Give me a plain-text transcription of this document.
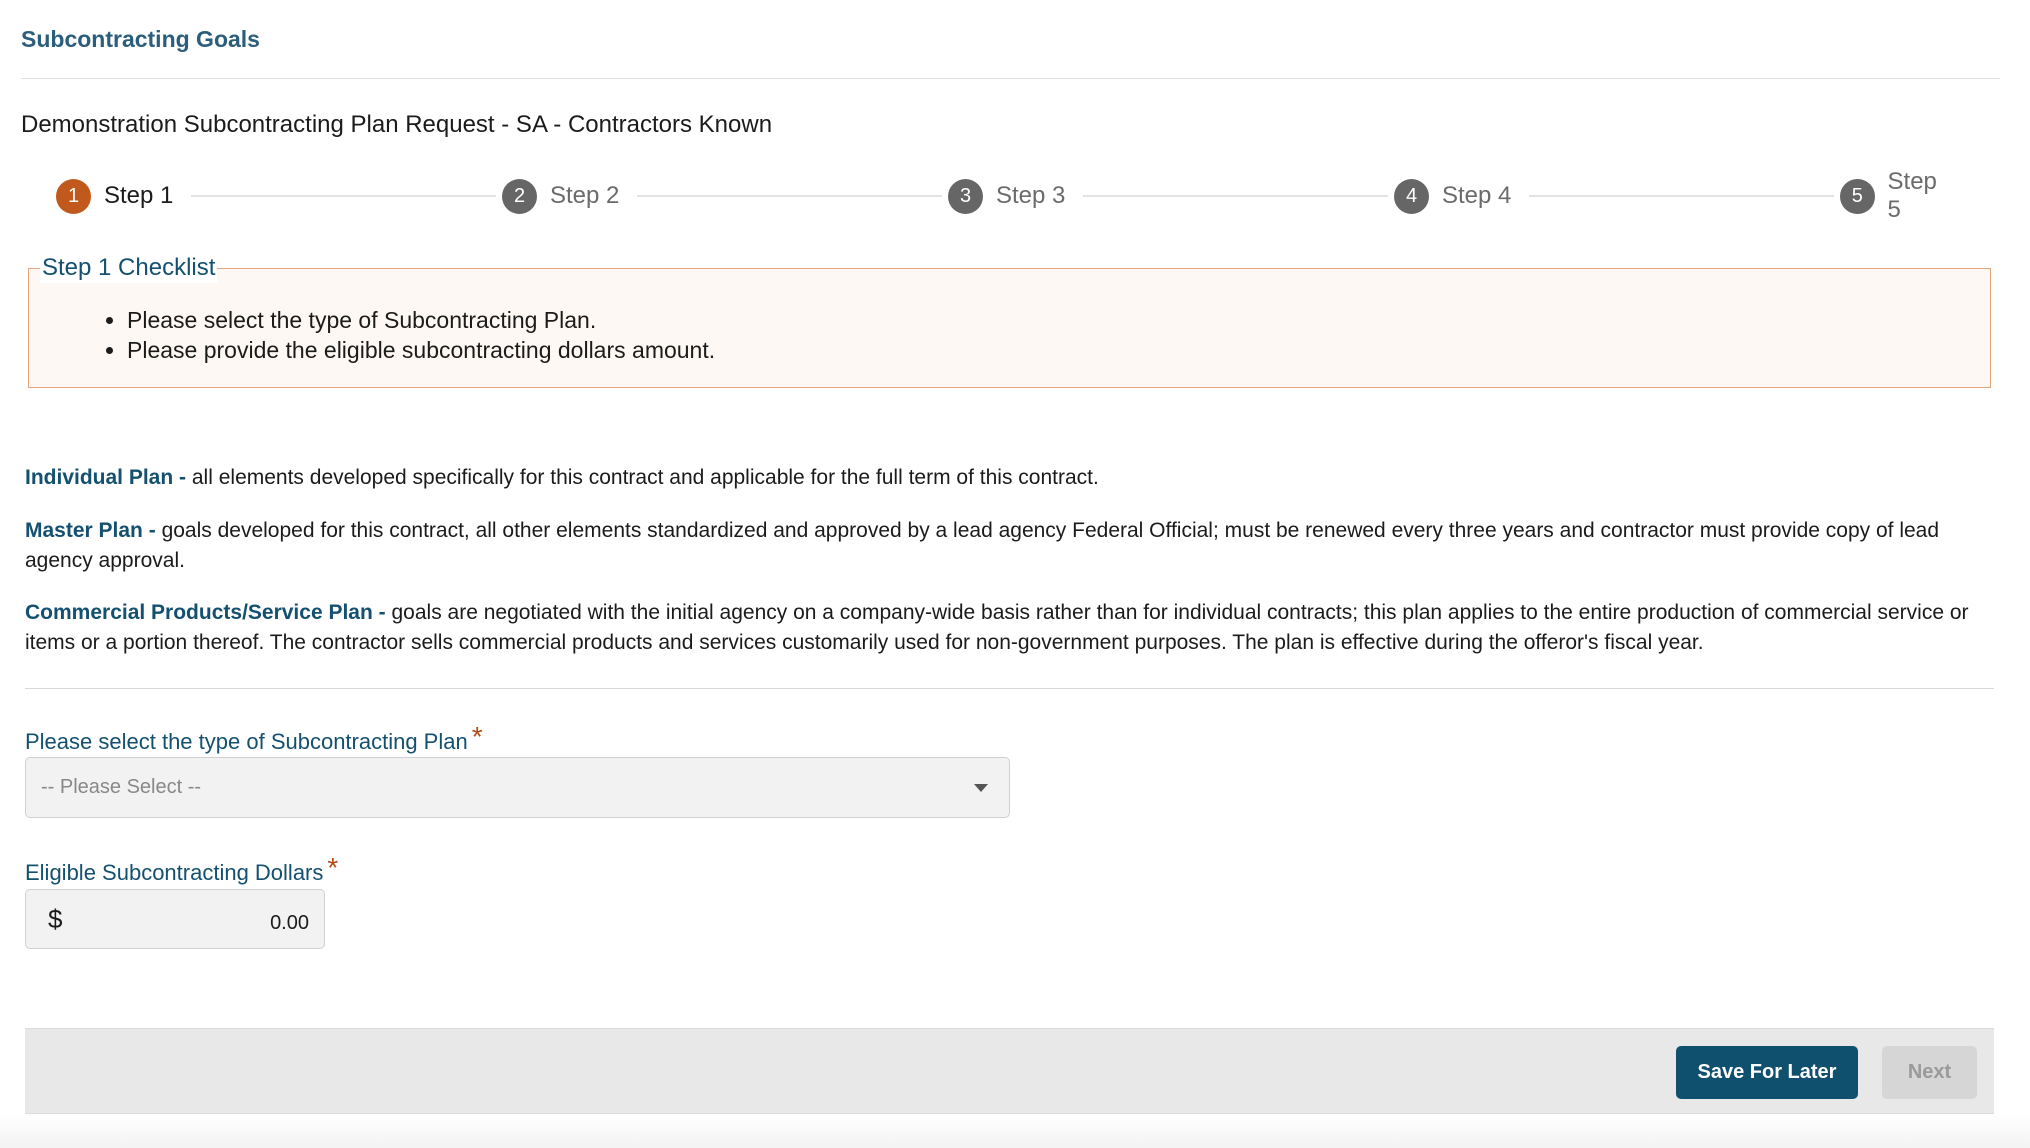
Subcontracting Goals
Demonstration Subcontracting Plan Request - SA - Contractors Known
1	Step 1	2	Step 2	3	Step 3	4	Step 4	5
Step 5
Step 1 Checklist
• Please select the type of Subcontracting Plan.
• Please provide the eligible subcontracting dollars amount.

Individual Plan - all elements developed specifically for this contract and applicable for the full term of this contract.

Master Plan - goals developed for this contract, all other elements standardized and approved by a lead agency Federal Official; must be renewed every three years and contractor must provide copy of lead agency approval.

Commercial Products/Service Plan - goals are negotiated with the initial agency on a company-wide basis rather than for individual contracts; this plan applies to the entire production of commercial service or items or a portion thereof. The contractor sells commercial products and services customarily used for non-government purposes. The plan is effective during the offeror's fiscal year.

Please select the type of Subcontracting Plan *
-- Please Select --
Eligible Subcontracting Dollars *
$	0.00
Save For Later	Next
